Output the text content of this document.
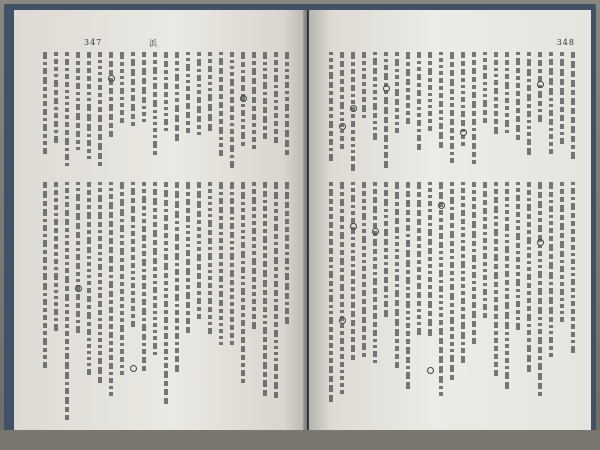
347	浜	348
